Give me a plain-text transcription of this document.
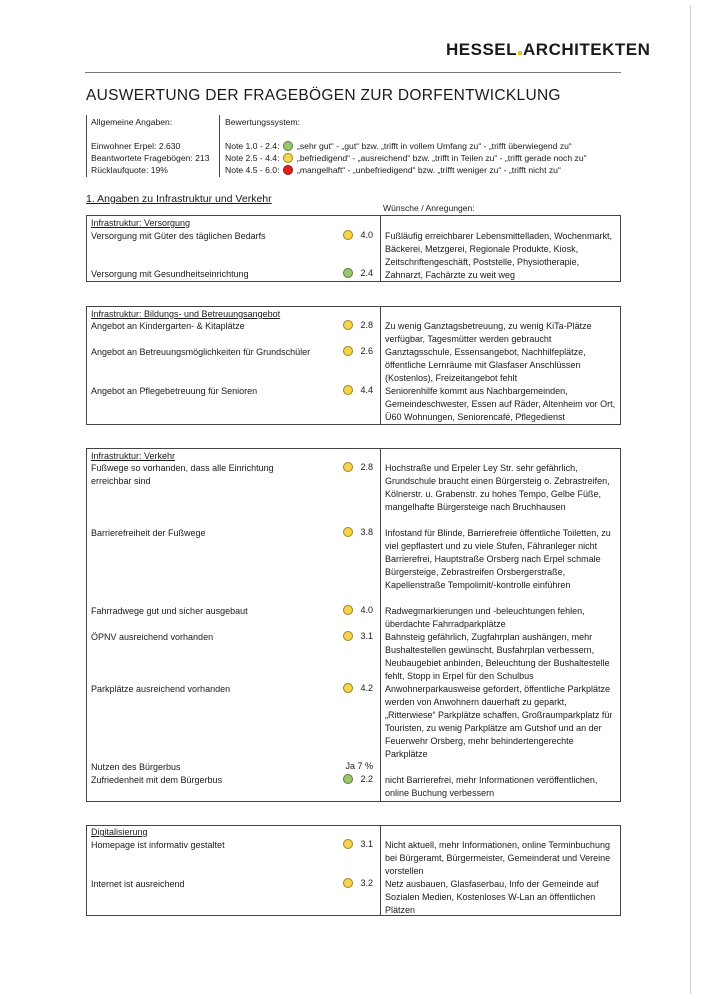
HESSEL ARCHITEKTEN
AUSWERTUNG DER FRAGEBÖGEN ZUR DORFENTWICKLUNG
Allgemeine Angaben:
Einwohner Erpel: 2.630
Beantwortete Fragebögen: 213
Rücklaufquote: 19%
Bewertungssystem:
Note 1.0 - 2.4: „sehr gut“ - „gut“ bzw. „trifft in vollem Umfang zu“ - „trifft überwiegend zu“
Note 2.5 - 4.4: „befriedigend“ - „ausreichend“ bzw. „trifft in Teilen zu“ - „trifft gerade noch zu“
Note 4.5 - 6.0: „mangelhaft“ - „unbefriedigend“ bzw. „trifft weniger zu“ - „trifft nicht zu“
1. Angaben zu Infrastruktur und Verkehr
Wünsche / Anregungen:
Infrastruktur: Versorgung
Versorgung mit Güter des täglichen Bedarfs	4.0
Versorgung mit Gesundheitseinrichtung	2.4
Fußläufig erreichbarer Lebensmittelladen, Wochenmarkt, Bäckerei, Metzgerei, Regionale Produkte, Kiosk, Zeitschriftengeschäft, Poststelle, Physiotherapie, Zahnarzt, Fachärzte zu weit weg
Infrastruktur: Bildungs- und Betreuungsangebot
Angebot an Kindergarten- & Kitaplätze	2.8
Angebot an Betreuungsmöglichkeiten für Grundschüler	2.6
Angebot an Pflegebetreuung für Senioren	4.4
Zu wenig Ganztagsbetreuung, zu wenig KiTa-Plätze verfügbar, Tagesmütter werden gebraucht
Ganztagsschule, Essensangebot, Nachhilfeplätze, öffentliche Lernräume mit Glasfaser Anschlüssen (Kostenlos), Freizeitangebot fehlt
Seniorenhilfe kommt aus Nachbargemeinden, Gemeindeschwester, Essen auf Räder, Altenheim vor Ort, Ü60 Wohnungen, Seniorencafé, Pflegedienst
Infrastruktur: Verkehr
Fußwege so vorhanden, dass alle Einrichtung
erreichbar sind
2.8 Hochstraße und Erpeler Ley Str. sehr gefährlich, Grundschule braucht einen Bürgersteig o. Zebrastreifen, Kölnerstr. u. Grabenstr. zu hohes Tempo, Gelbe Füße, mangelhafte Bürgersteige nach Bruchhausen
Barrierefreiheit der Fußwege	3.8 Infostand für Blinde, Barrierefreie öffentliche Toiletten, zu viel gepflastert und zu viele Stufen, Fähranleger nicht Barrierefrei, Hauptstraße Orsberg nach Erpel schmale Bürgersteige, Zebrastreifen Orsbergerstraße, Kapellenstraße Tempolimit/-kontrolle einführen
Fahrradwege gut und sicher ausgebaut	4.0 Radwegmarkierungen und -beleuchtungen fehlen, überdachte Fahrradparkplätze
ÖPNV ausreichend vorhanden	3.1 Bahnsteig gefährlich, Zugfahrplan aushängen, mehr Bushaltestellen gewünscht, Busfahrplan verbessern, Neubaugebiet anbinden, Beleuchtung der Bushaltestelle fehlt, Stopp in Erpel für den Schulbus
Parkplätze ausreichend vorhanden	4.2 Anwohnerparkausweise gefordert, öffentliche Parkplätze werden von Anwohnern dauerhaft zu geparkt, „Ritterwiese“ Parkplätze schaffen, Großraumparkplatz für Touristen, zu wenig Parkplätze am Gutshof und an der Feuerwehr Orsberg, mehr behindertengerechte Parkplätze
Nutzen des Bürgerbus	Ja 7 %
Zufriedenheit mit dem Bürgerbus	2.2 nicht Barrierefrei, mehr Informationen veröffentlichen, online Buchung verbessern
Digitalisierung
Homepage ist informativ gestaltet	3.1 Nicht aktuell, mehr Informationen, online Terminbuchung bei Bürgeramt, Bürgermeister, Gemeinderat und Vereine vorstellen
Internet ist ausreichend	3.2 Netz ausbauen, Glasfaserbau, Info der Gemeinde auf Sozialen Medien, Kostenloses W-Lan an öffentlichen Plätzen
